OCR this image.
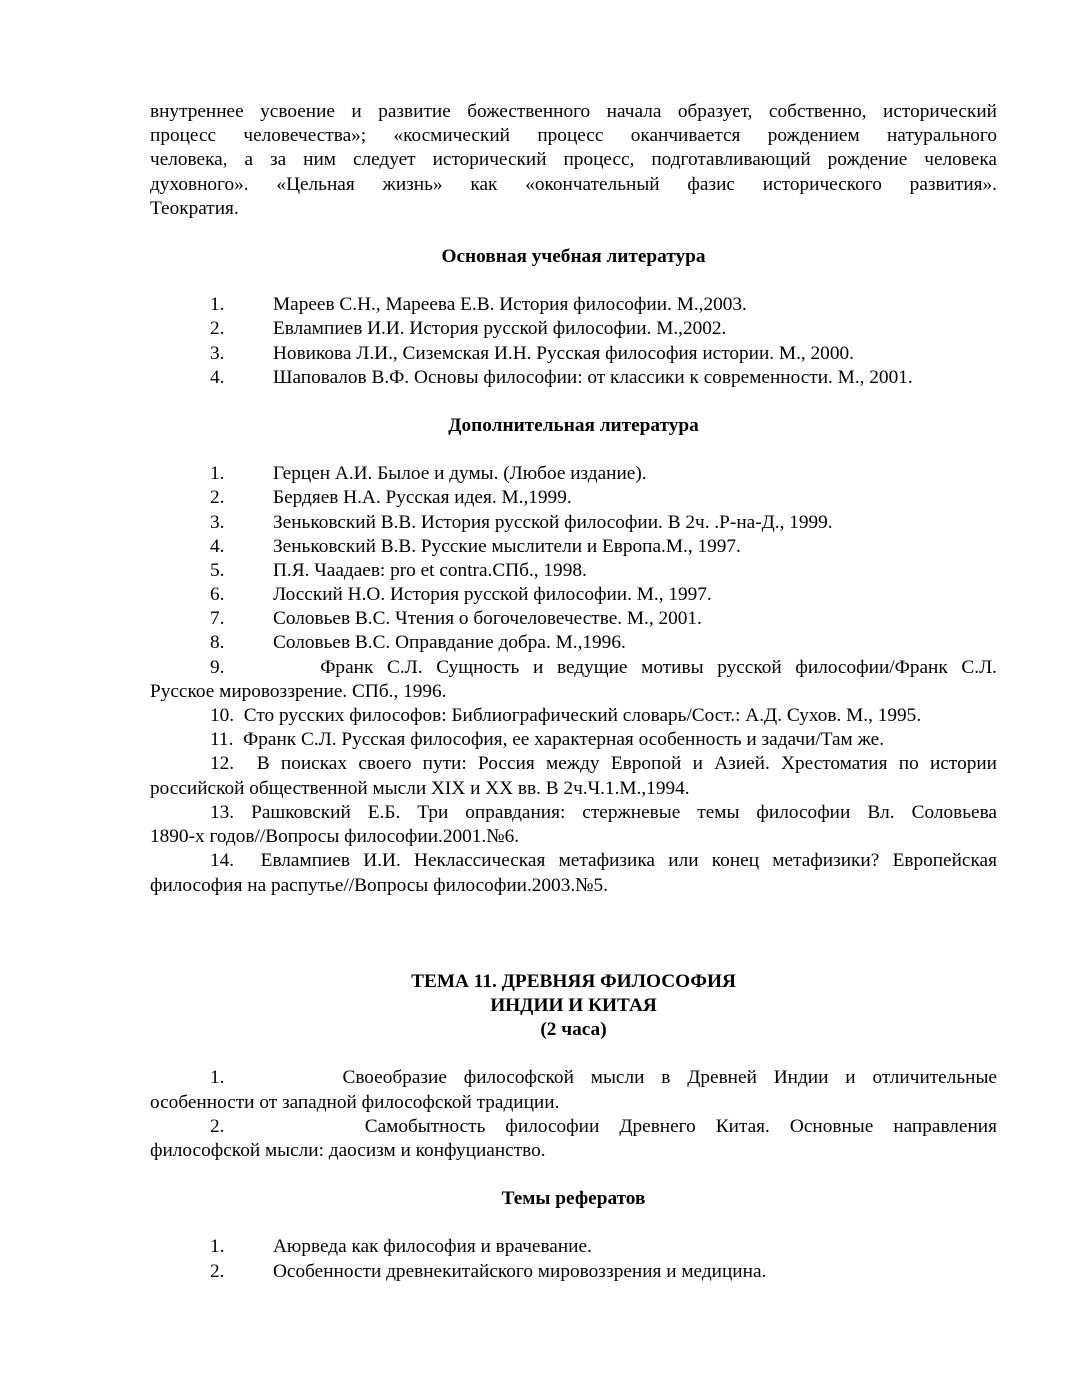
внутреннее усвоение и развитие божественного начала образует, собственно, исторический

процесс человечества»; «космический процесс оканчивается рождением натурального

человека, а за ним следует исторический процесс, подготавливающий рождение человека

духовного». «Цельная жизнь» как «окончательный фазис исторического развития».

Теократия.

Основная учебная литература

1.	Мареев С.Н., Мареева Е.В. История философии. М.,2003.
2.	Евлампиев И.И. История русской философии. М.,2002.
3.	Новикова Л.И., Сиземская И.Н. Русская философия истории. М., 2000.
4.	Шаповалов В.Ф. Основы философии: от классики к современности. М., 2001.

Дополнительная литература

1.	Герцен А.И. Былое и думы. (Любое издание).
2.	Бердяев Н.А. Русская идея. М.,1999.
3.	Зеньковский В.В. История русской философии. В 2ч. .Р-на-Д., 1999.
4.	Зеньковский В.В. Русские мыслители и Европа.М., 1997.
5.	П.Я. Чаадаев: pro et contra.СПб., 1998.
6.	Лосский Н.О. История русской философии. М., 1997.
7.	Соловьев В.С. Чтения о богочеловечестве. М., 2001.
8.	Соловьев В.С. Оправдание добра. М.,1996.

9.       Франк С.Л. Сущность и ведущие мотивы русской философии/Франк С.Л.

Русское мировоззрение. СПб., 1996.

10.  Сто русских философов: Библиографический словарь/Сост.: А.Д. Сухов. М., 1995.

11.  Франк С.Л. Русская философия, ее характерная особенность и задачи/Там же.

12.  В поисках своего пути: Россия между Европой и Азией. Хрестоматия по истории

российской общественной мысли XIX и XX вв. В 2ч.Ч.1.М.,1994.

13. Рашковский Е.Б. Три оправдания: стержневые темы философии Вл. Соловьева

1890-х годов//Вопросы философии.2001.№6.

14.  Евлампиев И.И. Неклассическая метафизика или конец метафизики? Европейская

философия на распутье//Вопросы философии.2003.№5.

ТЕМА 11. ДРЕВНЯЯ ФИЛОСОФИЯ

ИНДИИ И КИТАЯ

(2 часа)

1.       Своеобразие философской мысли в Древней Индии и отличительные

особенности от западной философской традиции.

2.       Самобытность философии Древнего Китая. Основные направления

философской мысли: даосизм и конфуцианство.

Темы рефератов

1.	Аюрведа как философия и врачевание.
2.	Особенности древнекитайского мировоззрения и медицина.
